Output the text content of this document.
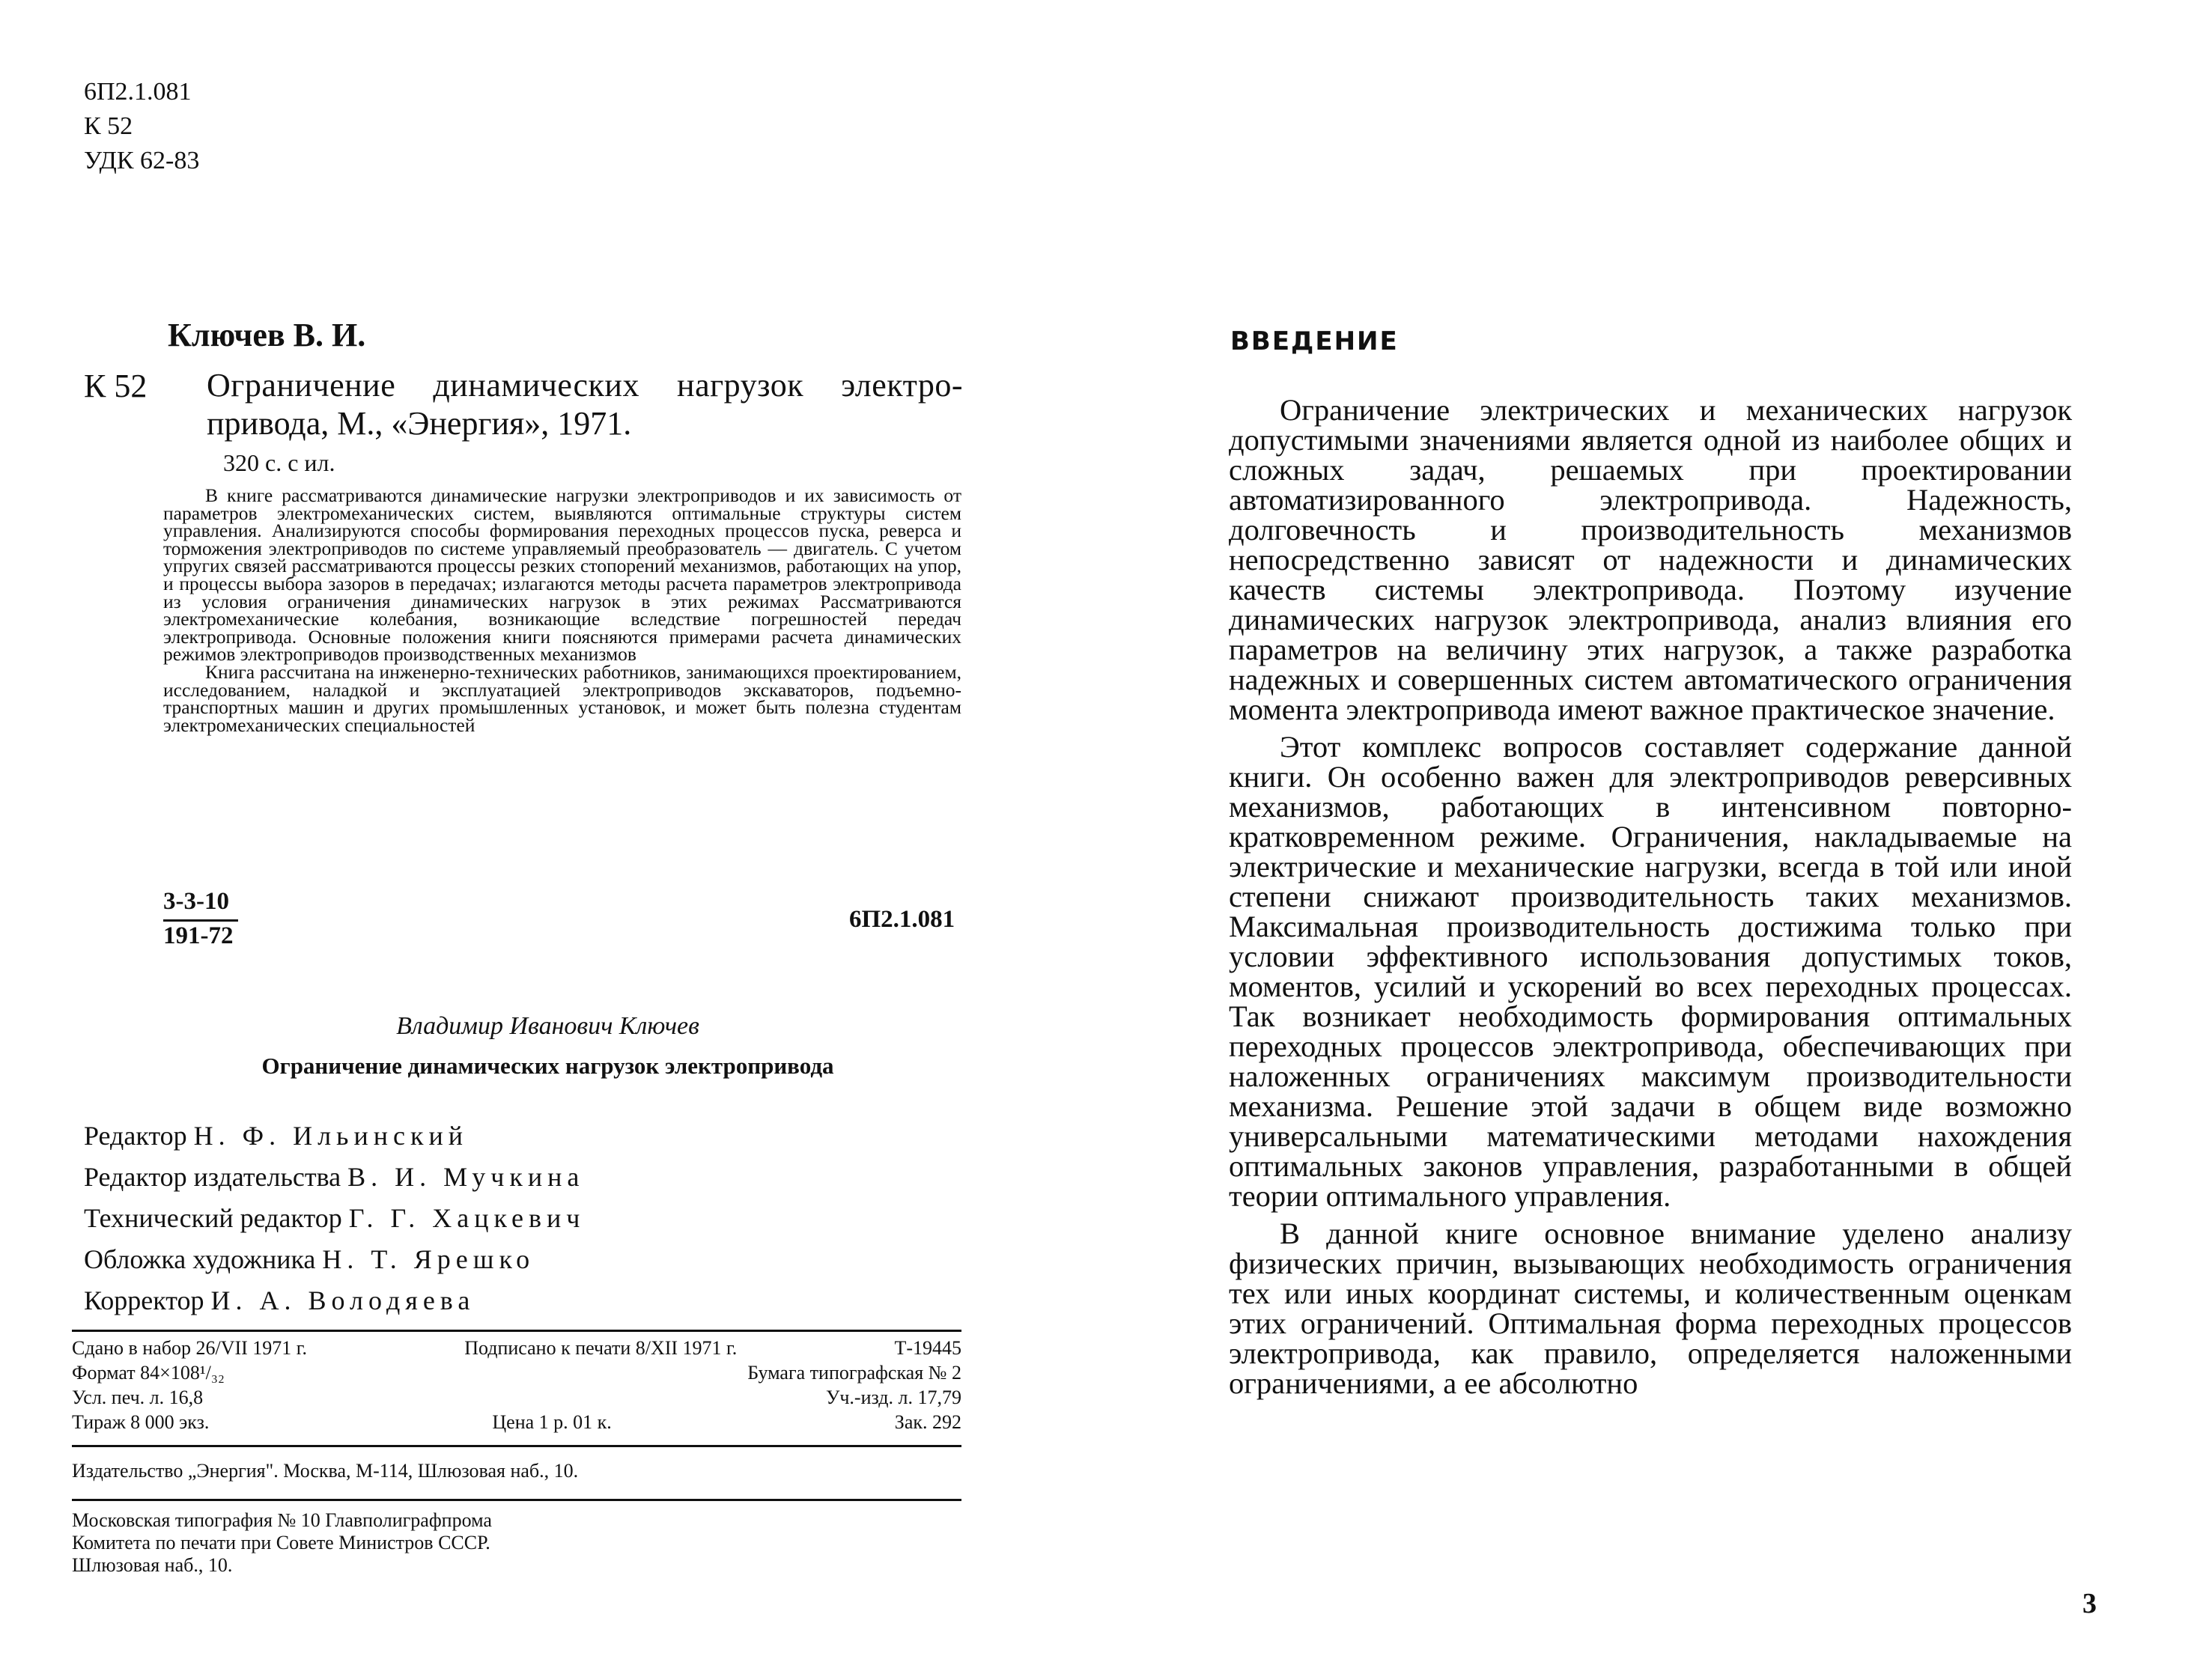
6П2.1.081
К 52
УДК 62-83
Ключев В. И.
К 52 Ограничение динамических нагрузок электро-
привода, М., «Энергия», 1971.
320 с. с ил.

В книге рассматриваются динамические нагрузки электроприводов и их зависимость от параметров электромеханических систем, выявляются оптимальные структуры систем управления. Анализируются способы формирования переходных процессов пуска, реверса и торможения электроприводов по системе управляемый преобразователь — двигатель. С учетом упругих связей рассматриваются процессы резких стопорений механизмов, работающих на упор, и процессы выбора зазоров в передачах; излагаются методы расчета параметров электропривода из условия ограничения динамических нагрузок в этих режимах Рассматриваются электромеханические колебания, возникающие вследствие погрешностей передач электропривода. Основные положения книги поясняются примерами расчета динамических режимов электроприводов производственных механизмов

Книга рассчитана на инженерно-технических работников, занимающихся проектированием, исследованием, наладкой и эксплуатацией электроприводов экскаваторов, подъемно-транспортных машин и других промышленных установок, и может быть полезна студентам электромеханических специальностей

3-3-10
191-72
6П2.1.081
Владимир Иванович Ключев
Ограничение динамических нагрузок электропривода
Редактор Н. Ф. Ильинский
Редактор издательства В. И. Мучкина
Технический редактор Г. Г. Хацкевич
Обложка художника Н. Т. Ярешко
Корректор И. А. Володяева
Сдано в набор 26/VII 1971 г.	Подписано к печати 8/XII 1971 г.	Т-19445
Формат 84×108¹/₃₂	Бумага типографская № 2
Усл. печ. л. 16,8	Уч.-изд. л. 17,79
Тираж 8 000 экз.	Цена 1 р. 01 к.	Зак. 292
Издательство „Энергия". Москва, М-114, Шлюзовая наб., 10.
Московская типография № 10 Главполиграфпрома
Комитета по печати при Совете Министров СССР.
Шлюзовая наб., 10.
ВВЕДЕНИЕ

Ограничение электрических и механических нагрузок допустимыми значениями является одной из наиболее общих и сложных задач, решаемых при проектировании автоматизированного электропривода. Надежность, долговечность и производительность механизмов непосредственно зависят от надежности и динамических качеств системы электропривода. Поэтому изучение динамических нагрузок электропривода, анализ влияния его параметров на величину этих нагрузок, а также разработка надежных и совершенных систем автоматического ограничения момента электропривода имеют важное практическое значение.

Этот комплекс вопросов составляет содержание данной книги. Он особенно важен для электроприводов реверсивных механизмов, работающих в интенсивном повторно-кратковременном режиме. Ограничения, накладываемые на электрические и механические нагрузки, всегда в той или иной степени снижают производительность таких механизмов. Максимальная производительность достижима только при условии эффективного использования допустимых токов, моментов, усилий и ускорений во всех переходных процессах. Так возникает необходимость формирования оптимальных переходных процессов электропривода, обеспечивающих при наложенных ограничениях максимум производительности механизма. Решение этой задачи в общем виде возможно универсальными математическими методами нахождения оптимальных законов управления, разработанными в общей теории оптимального управления.

В данной книге основное внимание уделено анализу физических причин, вызывающих необходимость ограничения тех или иных координат системы, и количественным оценкам этих ограничений. Оптимальная форма переходных процессов электропривода, как правило, определяется наложенными ограничениями, а ее абсолютно

3
